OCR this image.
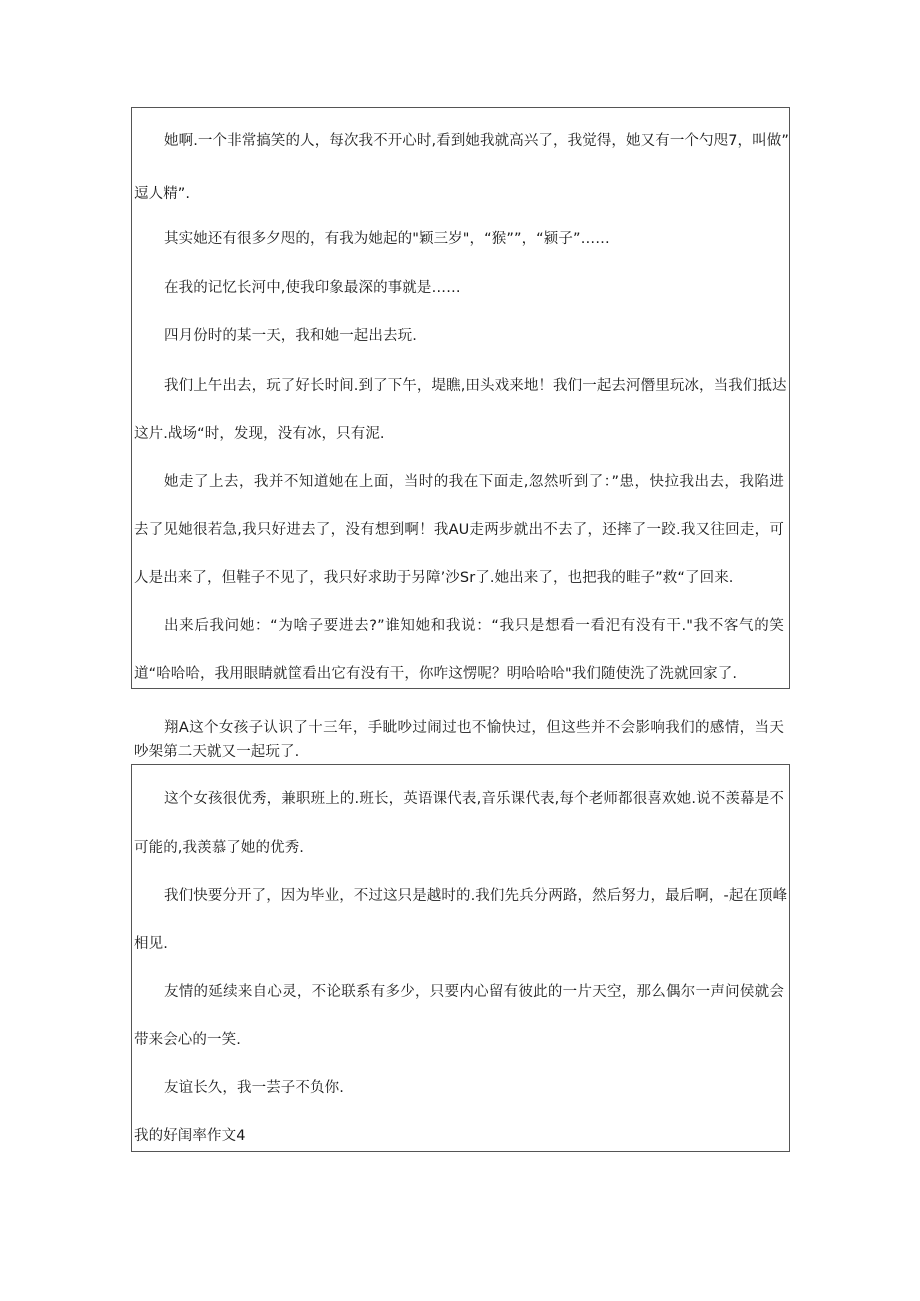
她啊.一个非常搞笑的人，每次我不开心时,看到她我就高兴了，我觉得，她又有一个勺咫7，叫做”
逗人精”.
其实她还有很多夕咫的，有我为她起的"颖三岁"，“猴””，“颍子”……
在我的记忆长河中,使我印象最深的事就是……
四月份时的某一天，我和她一起出去玩.
我们上午出去，玩了好长时间.到了下午，堤瞧,田头戏来地！我们一起去河僭里玩冰，当我们抵达
这片.战场“时，发现，没有冰，只有泥.
她走了上去，我并不知道她在上面，当时的我在下面走,忽然听到了：”患，快拉我出去，我陷进
去了见她很若急,我只好进去了，没有想到啊！我AU走两步就出不去了，还摔了一跤.我又往回走，可
人是出来了，但鞋子不见了，我只好求助于另障’沙Sr了.她出来了，也把我的畦子”救“了回来.
出来后我问她：“为啥子要进去?”谁知她和我说：“我只是想看一看汜有没有干."我不客气的笑
道“哈哈哈，我用眼睛就筐看出它有没有干，你咋这愣呢？明哈哈哈"我们随使洗了洗就回家了.
翔A这个女孩子认识了十三年，手眦吵过闹过也不愉快过，但这些并不会影响我们的感情，当天
吵架第二天就又一起玩了.
这个女孩很优秀，兼职班上的.班长，英语课代表,音乐课代表,每个老师都很喜欢她.说不羡幕是不
可能的,我羡慕了她的优秀.
我们快要分开了，因为毕业，不过这只是越时的.我们先兵分两路，然后努力，最后啊，-起在顶峰
相见.
友情的延续来自心灵，不论联系有多少，只要内心留有彼此的一片天空，那么偶尔一声问侯就会
带来会心的一笑.
友谊长久，我一芸子不负你.
我的好闺率作文4
